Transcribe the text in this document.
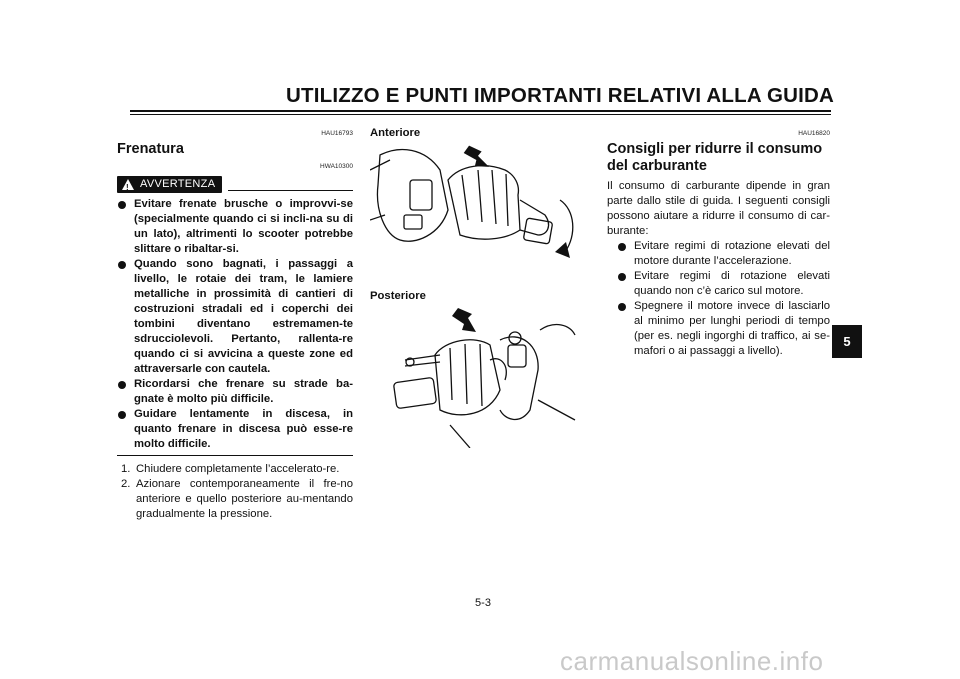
UTILIZZO E PUNTI IMPORTANTI RELATIVI ALLA GUIDA
HAU16793
Frenatura
HWA10300
! AVVERTENZA
Evitare frenate brusche o improvvi-se (specialmente quando ci si incli-na su di un lato), altrimenti lo scooter potrebbe slittare o ribaltar-si.
Quando sono bagnati, i passaggi a livello, le rotaie dei tram, le lamiere metalliche in prossimità di cantieri di costruzioni stradali ed i coperchi dei tombini diventano estremamen-te sdrucciolevoli. Pertanto, rallenta-re quando ci si avvicina a queste zone ed attraversarle con cautela.
Ricordarsi che frenare su strade ba-gnate è molto più difficile.
Guidare lentamente in discesa, in quanto frenare in discesa può esse-re molto difficile.
1. Chiudere completamente l’accelerato-re.
2. Azionare contemporaneamente il fre-no anteriore e quello posteriore au-mentando gradualmente la pressione.
Anteriore
Posteriore
HAU16820
Consigli per ridurre il consumo
del carburante
Il consumo di carburante dipende in gran parte dallo stile di guida. I seguenti consigli possono aiutare a ridurre il consumo di car-burante:
Evitare regimi di rotazione elevati del motore durante l’accelerazione.
Evitare regimi di rotazione elevati quando non c’è carico sul motore.
Spegnere il motore invece di lasciarlo al minimo per lunghi periodi di tempo (per es. negli ingorghi di traffico, ai se-mafori o ai passaggi a livello).
5
5-3
carmanualsonline.info
